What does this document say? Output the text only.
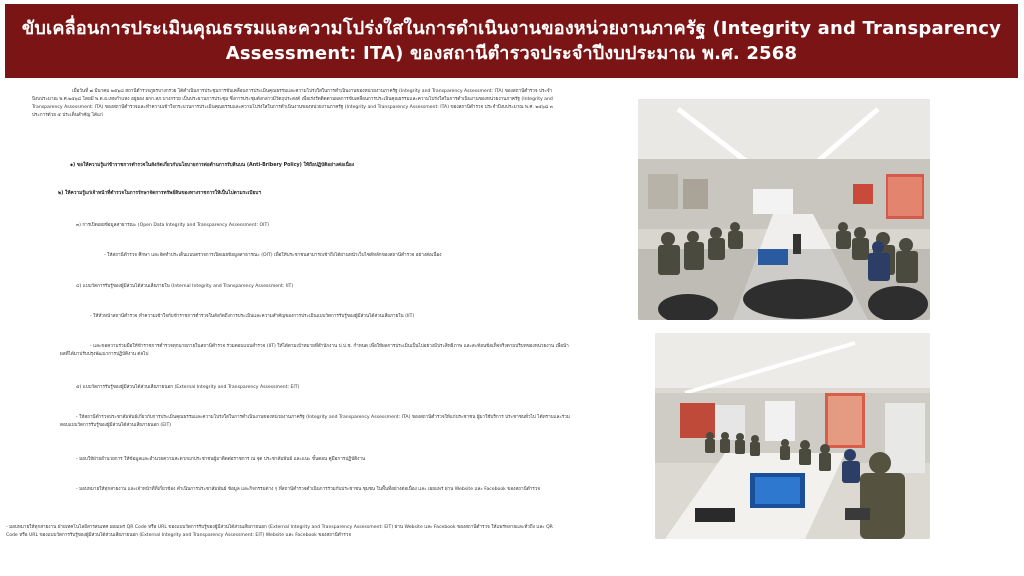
ขับเคลื่อนการประเมินคุณธรรมและความโปร่งใสในการดำเนินงานของหน่วยงานภาครัฐ (Integrity and Transparency
Assessment: ITA) ของสถานีตำรวจประจำปีงบประมาณ พ.ศ. 2568
เมื่อวันที่ ๗ มีนาคม ๒๕๖๘ สถานีตำรวจภูธรบางกรวย ได้ดำเนินการประชุมการขับเคลื่อนการประเมินคุณธรรมและความโปร่งใสในการดำเนินงานของหน่วยงานภาครัฐ (Integrity and Transparency Assessment: ITA) ของสถานีตำรวจ ประจำปีงบประมาณ พ.ศ.๒๕๖๘ โดยมี พ.ต.อ.เทพกำแหง อยู่ยอง ผกก.สภ.บางกรวย เป็นประธานการประชุม ซึ่งการประชุมดังกล่าวมีวัตถุประสงค์ เพื่อเร่งรัดติดตามผลการขับเคลื่อนการประเมินคุณธรรมและความโปร่งใสในการดำเนินงานของหน่วยงานภาครัฐ (Integrity and Transparency Assessment: ITA) ของสถานีตำรวจและทำความเข้าใจกระบวนการประเมินคุณธรรมและความโปร่งใสในการดำเนินงานของหน่วยงานภาครัฐ (Integrity and Transparency Assessment: ITA) ของสถานีตำรวจ ประจำปีงบประมาณ พ.ศ. ๒๕๖๘ ๓ ประการด้วย ๕ ประเด็นสำคัญ ได้แก่
๑) ขอให้ความรู้แก่ข้าราชการตำรวจในสังกัดเกี่ยวกับนโยบายการต่อต้านการรับสินบน (Anti-Bribery Policy) ให้ถือปฏิบัติอย่างต่อเนื่อง
๒) ให้ความรู้แก่เจ้าหน้าที่ตำรวจในการรักษาจัดการทรัพย์สินของทางราชการให้เป็นไปตามระเบียบฯ
๓) การเปิดเผยข้อมูลสาธารณะ (Open Data Integrity and Transparency Assessment: OIT)
- ให้สถานีตำรวจ ศึกษา และจัดทำประเด็นแบบตรวจการเปิดเผยข้อมูลสาธารณะ (OIT) เพื่อให้ประชาชนสามารถเข้าถึงได้ผ่านหน้าเว็บไซต์หลักของสถานีตำรวจ อย่างต่อเนื่อง
๔) แบบวัดการรับรู้ของผู้มีส่วนได้ส่วนเสียภายใน (Internal Integrity and Transparency Assessment: IIT)
- ให้หัวหน้าสถานีตำรวจ ทำความเข้าใจกับข้าราชการตำรวจในสังกัดถึงการประเมินและความสำคัญของการประเมินแบบวัดการรับรู้ของผู้มีส่วนได้ส่วนเสียภายใน (IIT)
- และขอความร่วมมือให้ข้าราชการตำรวจทุกนายภายในสถานีตำรวจ ร่วมตอบแบบสำรวจ (IIT) ให้ได้ตามเป้าหมายที่สำนักงาน ป.ป.ช. กำหนด เพื่อให้ผลการประเมินเป็นไปอย่างมีประสิทธิภาพ และสะท้อนข้อเท็จจริงตามบริบทของหน่วยงาน เพื่อนำผลที่ได้มาปรับปรุงพัฒนาการปฏิบัติงาน ต่อไป
๕) แบบวัดการรับรู้ของผู้มีส่วนได้ส่วนเสียภายนอก (External Integrity and Transparency Assessment: EIT)
- ให้สถานีตำรวจประชาสัมพันธ์เกี่ยวกับการประเมินคุณธรรมและความโปร่งใสในการดำเนินงานของหน่วยงานภาครัฐ (Integrity and Transparency Assessment: ITA) ของสถานีตำรวจให้แก่ประชาชน ผู้มาใช้บริการ ประชาชนทั่วไป ได้ทราบและร่วมตอบแบบวัดการรับรู้ของผู้มีส่วนได้ส่วนเสียภายนอก (EIT)
- มอบให้ฝ่ายอำนวยการ ให้ข้อมูลและอำนวยความสะดวกแก่ประชาชนผู้มาติดต่อราชการ ณ จุด ประชาสัมพันธ์ และแนะ ขั้นตอน คู่มือการปฏิบัติงาน
- มอบหมายให้ทุกสายงาน และเจ้าหน้าที่ที่เกี่ยวข้อง ดำเนินการประชาสัมพันธ์ ข้อมูล และกิจกรรมต่าง ๆ ที่สถานีตำรวจดำเนินการร่วมกับประชาชน ชุมชน ในพื้นที่อย่างต่อเนื่อง และ เผยแพร่ ผ่าน Website และ Facebook ของสถานีตำรวจ
- มอบหมายให้ทุกสายงาน ฝ่ายเทคโนโลยีสารสนเทศ เผยแพร่ QR Code หรือ URL ของแบบวัดการรับรู้ของผู้มีส่วนได้ส่วนเสียภายนอก (External Integrity and Transparency Assessment: EIT) ผ่าน Website และ Facebook ของสถานีตำรวจ ให้แพร่หลายและทั่วถึง และ QR Code หรือ URL ของแบบวัดการรับรู้ของผู้มีส่วนได้ส่วนเสียภายนอก (External Integrity and Transparency Assessment: EIT) Website และ Facebook ของสถานีตำรวจ
